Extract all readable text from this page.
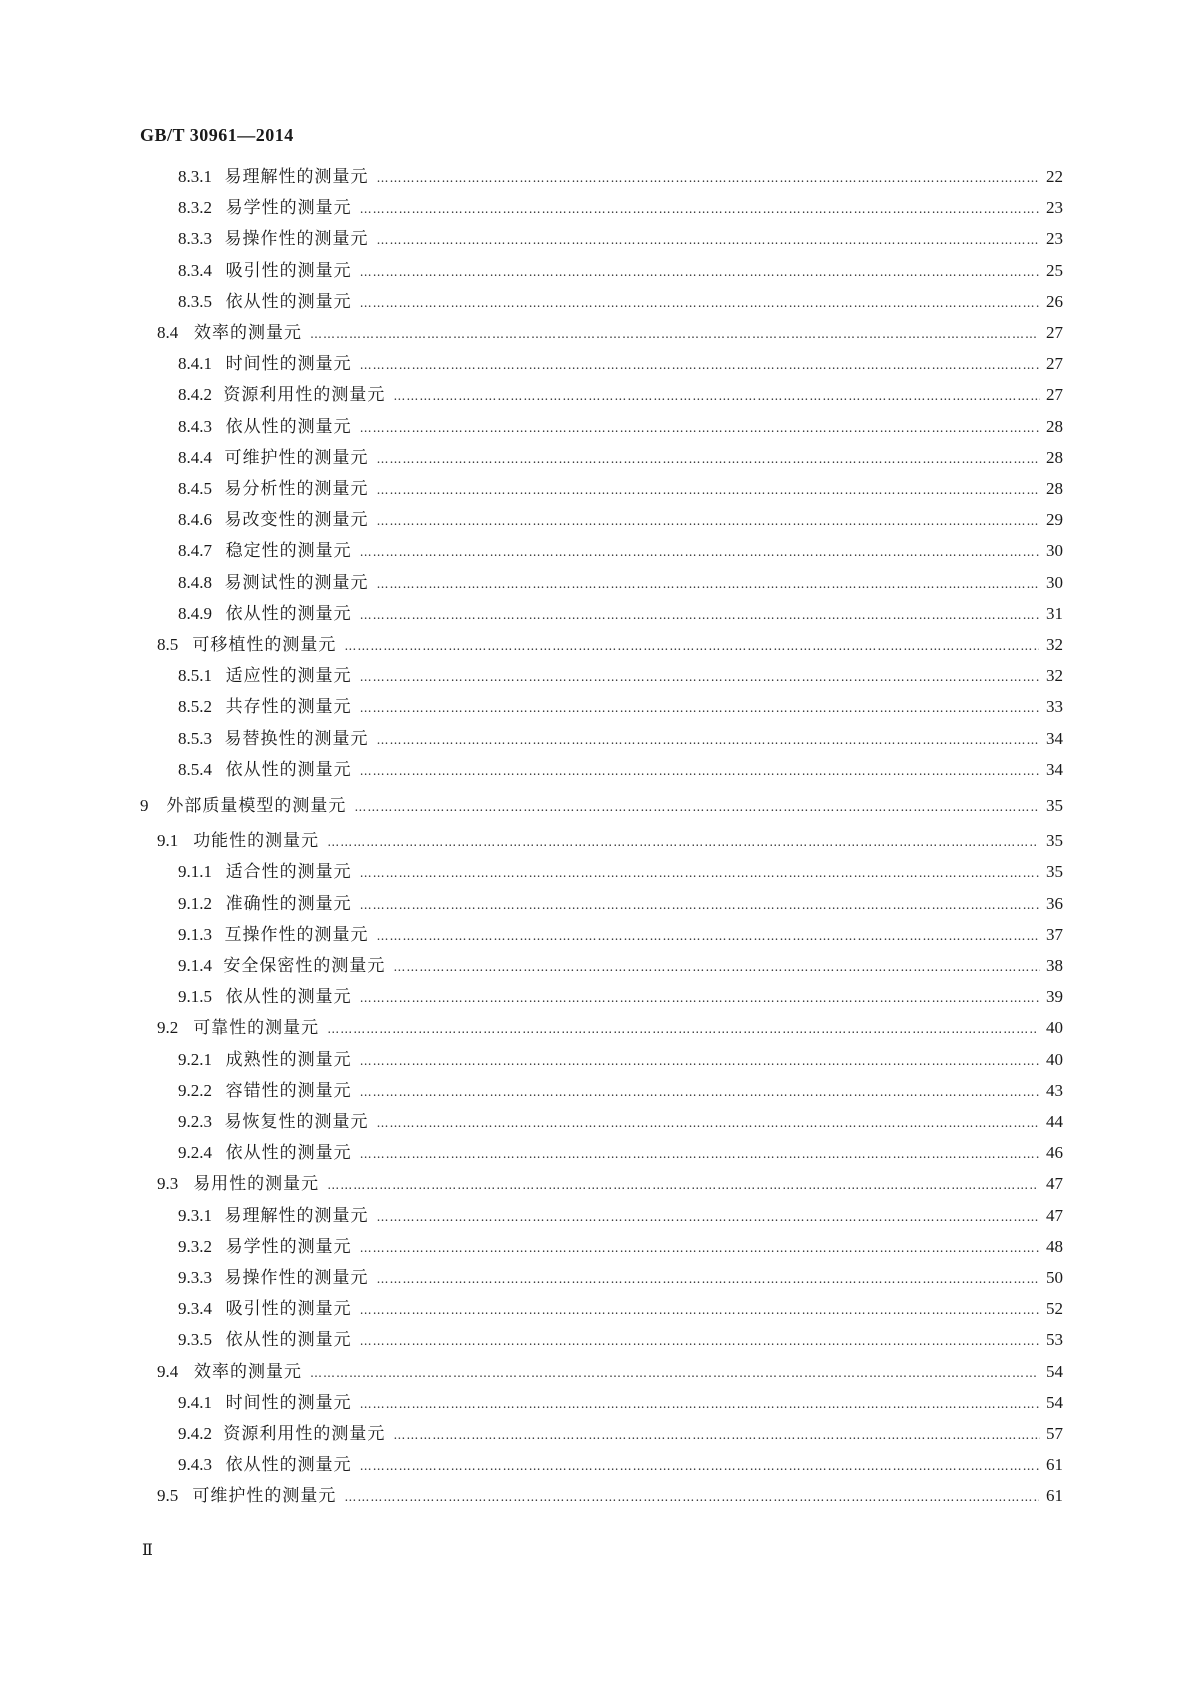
GB/T 30961—2014
8.3.1 易理解性的测量元 ……………………………………………………………………………………………………………………………………………………………………………………	22
8.3.2 易学性的测量元 ……………………………………………………………………………………………………………………………………………………………………………………	23
8.3.3 易操作性的测量元 ……………………………………………………………………………………………………………………………………………………………………………………	23
8.3.4 吸引性的测量元 ……………………………………………………………………………………………………………………………………………………………………………………	25
8.3.5 依从性的测量元 ……………………………………………………………………………………………………………………………………………………………………………………	26
8.4 效率的测量元 ……………………………………………………………………………………………………………………………………………………………………………………	27
8.4.1 时间性的测量元 ……………………………………………………………………………………………………………………………………………………………………………………	27
8.4.2 资源利用性的测量元 ……………………………………………………………………………………………………………………………………………………………………………………	27
8.4.3 依从性的测量元 ……………………………………………………………………………………………………………………………………………………………………………………	28
8.4.4 可维护性的测量元 ……………………………………………………………………………………………………………………………………………………………………………………	28
8.4.5 易分析性的测量元 ……………………………………………………………………………………………………………………………………………………………………………………	28
8.4.6 易改变性的测量元 ……………………………………………………………………………………………………………………………………………………………………………………	29
8.4.7 稳定性的测量元 ……………………………………………………………………………………………………………………………………………………………………………………	30
8.4.8 易测试性的测量元 ……………………………………………………………………………………………………………………………………………………………………………………	30
8.4.9 依从性的测量元 ……………………………………………………………………………………………………………………………………………………………………………………	31
8.5 可移植性的测量元 ……………………………………………………………………………………………………………………………………………………………………………………	32
8.5.1 适应性的测量元 ……………………………………………………………………………………………………………………………………………………………………………………	32
8.5.2 共存性的测量元 ……………………………………………………………………………………………………………………………………………………………………………………	33
8.5.3 易替换性的测量元 ……………………………………………………………………………………………………………………………………………………………………………………	34
8.5.4 依从性的测量元 ……………………………………………………………………………………………………………………………………………………………………………………	34
9	外部质量模型的测量元 ……………………………………………………………………………………………………………………………………………………………………………………	35
9.1 功能性的测量元 ……………………………………………………………………………………………………………………………………………………………………………………	35
9.1.1 适合性的测量元 ……………………………………………………………………………………………………………………………………………………………………………………	35
9.1.2 准确性的测量元 ……………………………………………………………………………………………………………………………………………………………………………………	36
9.1.3 互操作性的测量元 ……………………………………………………………………………………………………………………………………………………………………………………	37
9.1.4 安全保密性的测量元 ……………………………………………………………………………………………………………………………………………………………………………………	38
9.1.5 依从性的测量元 ……………………………………………………………………………………………………………………………………………………………………………………	39
9.2 可靠性的测量元 ……………………………………………………………………………………………………………………………………………………………………………………	40
9.2.1 成熟性的测量元 ……………………………………………………………………………………………………………………………………………………………………………………	40
9.2.2 容错性的测量元 ……………………………………………………………………………………………………………………………………………………………………………………	43
9.2.3 易恢复性的测量元 ……………………………………………………………………………………………………………………………………………………………………………………	44
9.2.4 依从性的测量元 ……………………………………………………………………………………………………………………………………………………………………………………	46
9.3 易用性的测量元 ……………………………………………………………………………………………………………………………………………………………………………………	47
9.3.1 易理解性的测量元 ……………………………………………………………………………………………………………………………………………………………………………………	47
9.3.2 易学性的测量元 ……………………………………………………………………………………………………………………………………………………………………………………	48
9.3.3 易操作性的测量元 ……………………………………………………………………………………………………………………………………………………………………………………	50
9.3.4 吸引性的测量元 ……………………………………………………………………………………………………………………………………………………………………………………	52
9.3.5 依从性的测量元 ……………………………………………………………………………………………………………………………………………………………………………………	53
9.4 效率的测量元 ……………………………………………………………………………………………………………………………………………………………………………………	54
9.4.1 时间性的测量元 ……………………………………………………………………………………………………………………………………………………………………………………	54
9.4.2 资源利用性的测量元 ……………………………………………………………………………………………………………………………………………………………………………………	57
9.4.3 依从性的测量元 ……………………………………………………………………………………………………………………………………………………………………………………	61
9.5 可维护性的测量元 ……………………………………………………………………………………………………………………………………………………………………………………	61
Ⅱ
